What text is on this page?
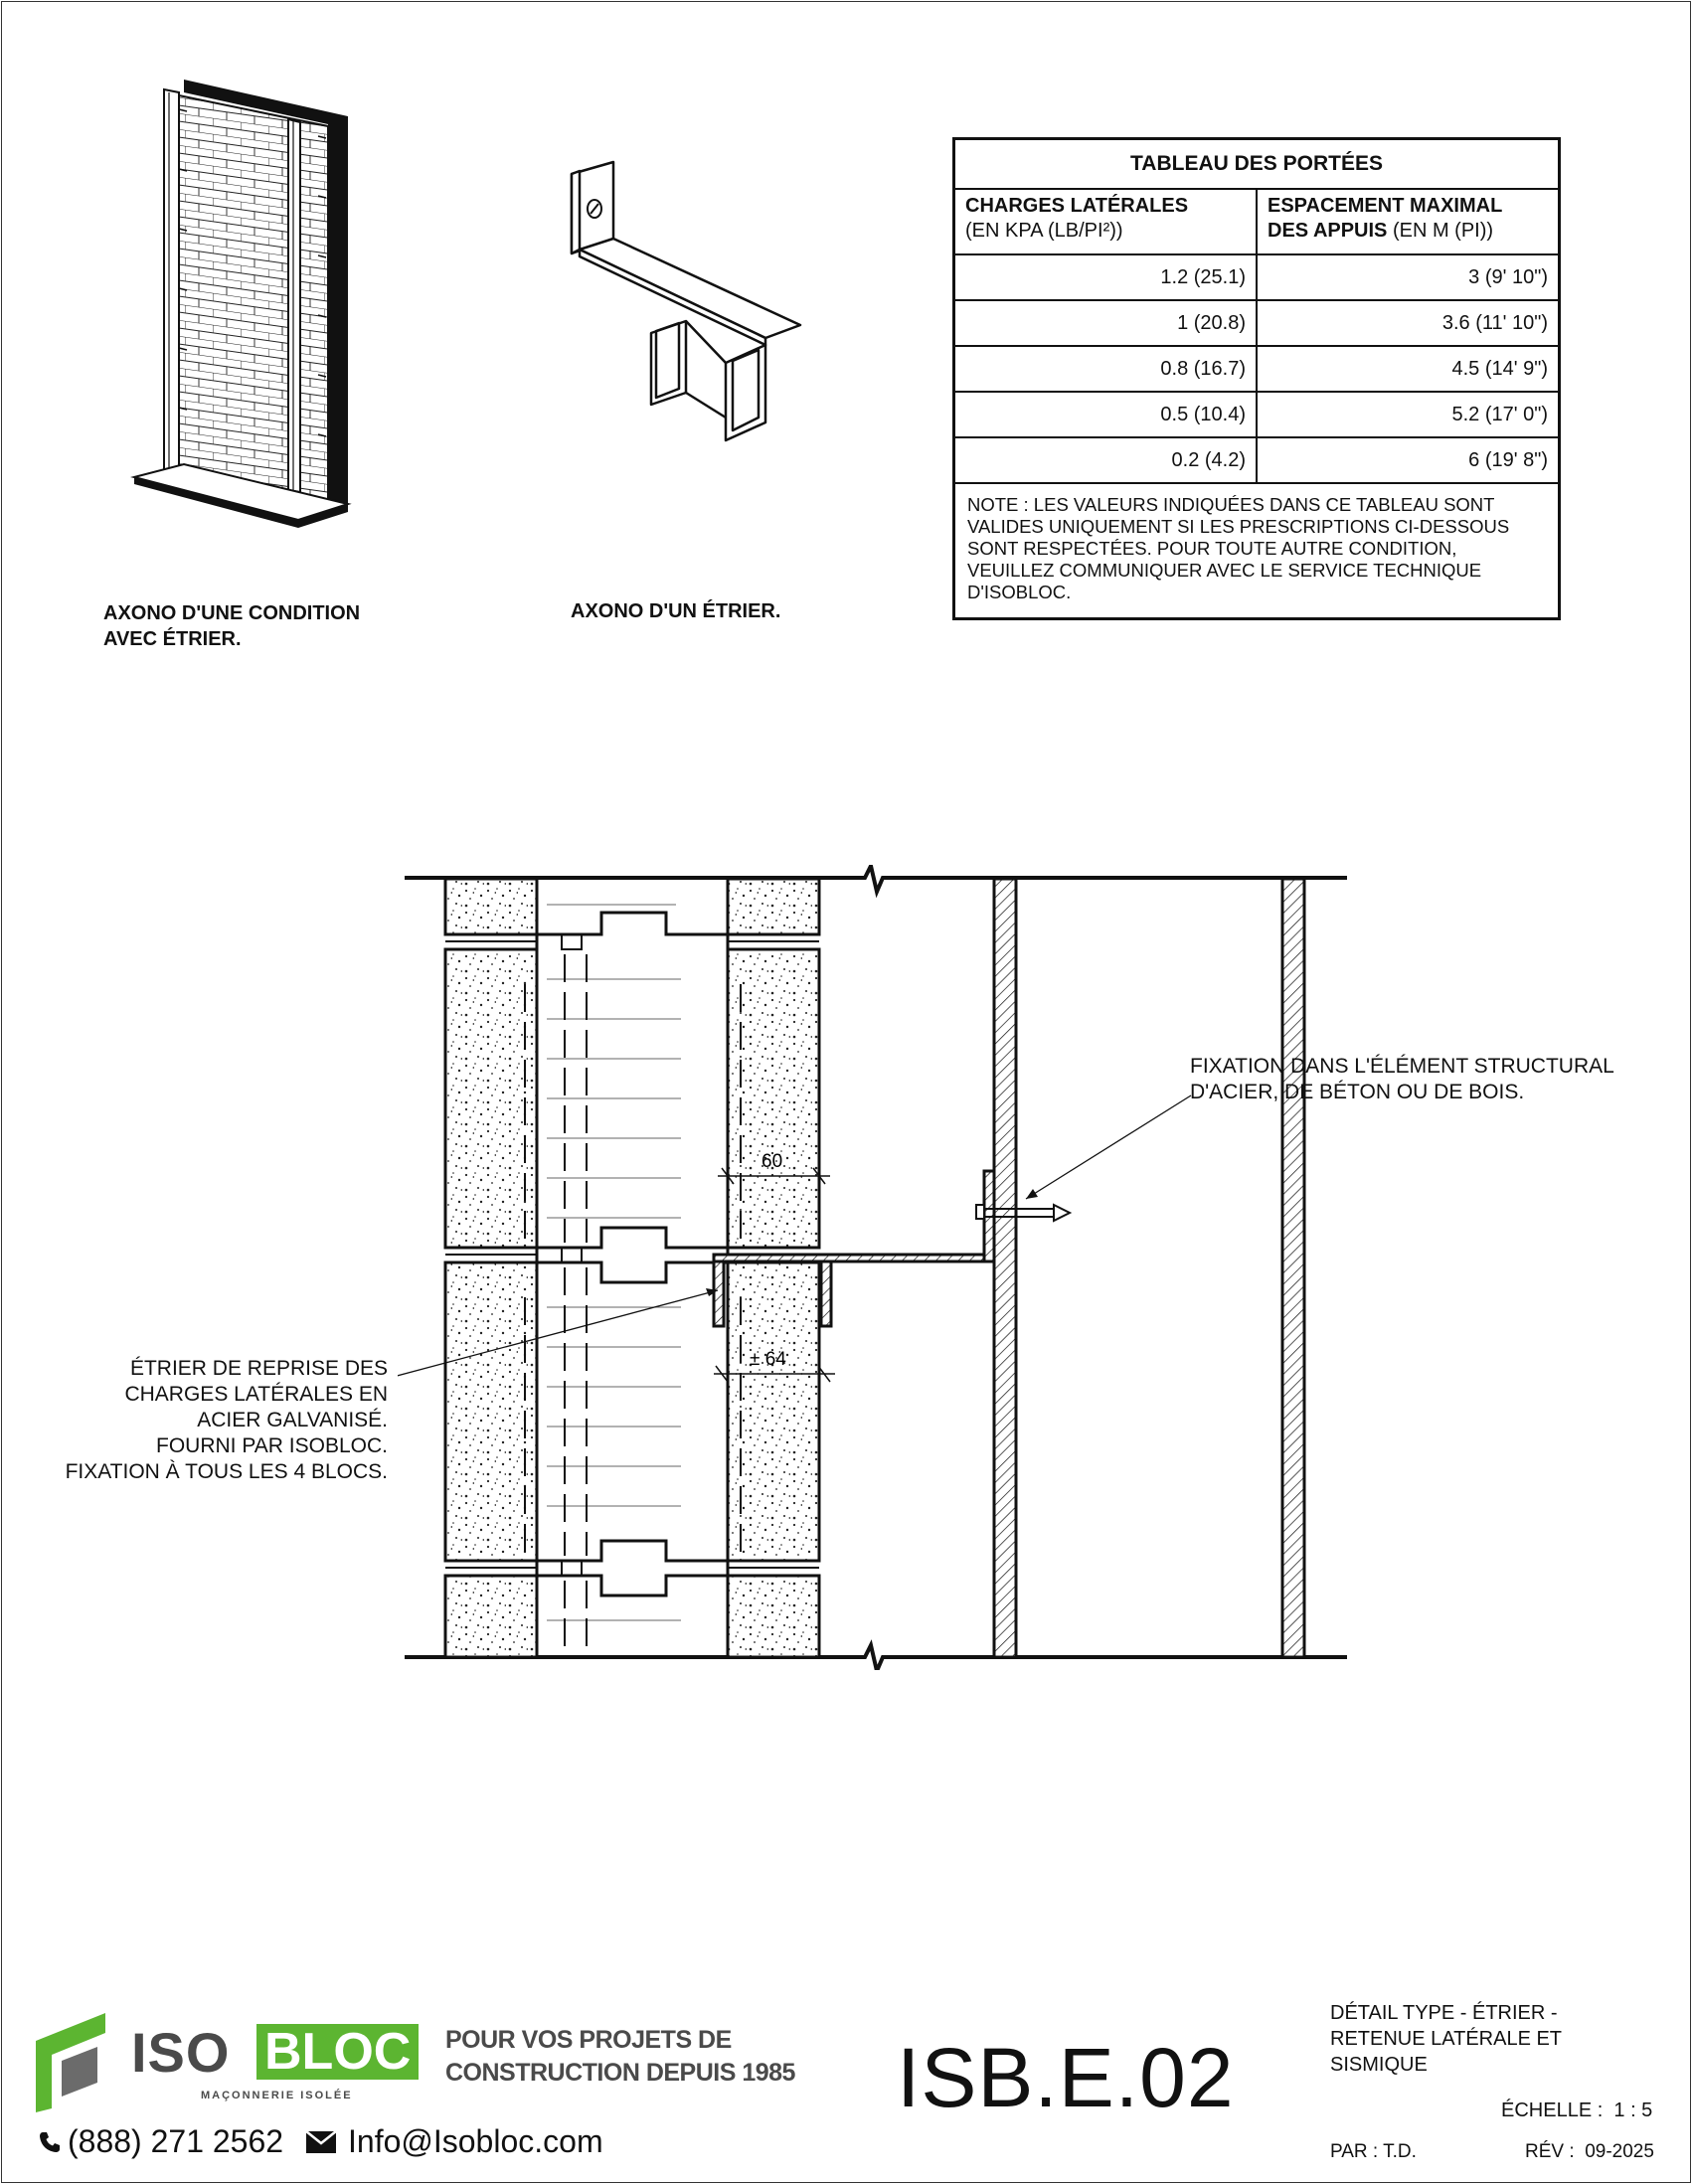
AXONO D'UNE CONDITION
AVEC ÉTRIER.
AXONO D'UN ÉTRIER.
TABLEAU DES PORTÉES	
CHARGES LATÉRALES
(EN KPA (LB/PI²))	ESPACEMENT MAXIMAL DES APPUIS (EN M (PI))
1.2 (25.1)	3 (9' 10")
1 (20.8)	3.6 (11' 10")
0.8 (16.7)	4.5 (14' 9")
0.5 (10.4)	5.2 (17' 0")
0.2 (4.2)	6 (19' 8")
NOTE : LES VALEURS INDIQUÉES DANS CE TABLEAU SONT VALIDES UNIQUEMENT SI LES PRESCRIPTIONS CI-DESSOUS SONT RESPECTÉES. POUR TOUTE AUTRE CONDITION, VEUILLEZ COMMUNIQUER AVEC LE SERVICE TECHNIQUE D'ISOBLOC.	
60
± 64
FIXATION DANS L'ÉLÉMENT STRUCTURAL
D'ACIER, DE BÉTON OU DE BOIS.
ÉTRIER DE REPRISE DES
CHARGES LATÉRALES EN
ACIER GALVANISÉ.
FOURNI PAR ISOBLOC.
FIXATION À TOUS LES 4 BLOCS.
ISO BLOC
MAÇONNERIE ISOLÉE
POUR VOS PROJETS DE
CONSTRUCTION DEPUIS 1985
(888) 271 2562 Info@Isobloc.com
ISB.E.02
DÉTAIL TYPE - ÉTRIER -
RETENUE LATÉRALE ET
SISMIQUE
ÉCHELLE : 1 : 5
PAR : T.D.	RÉV : 09-2025
